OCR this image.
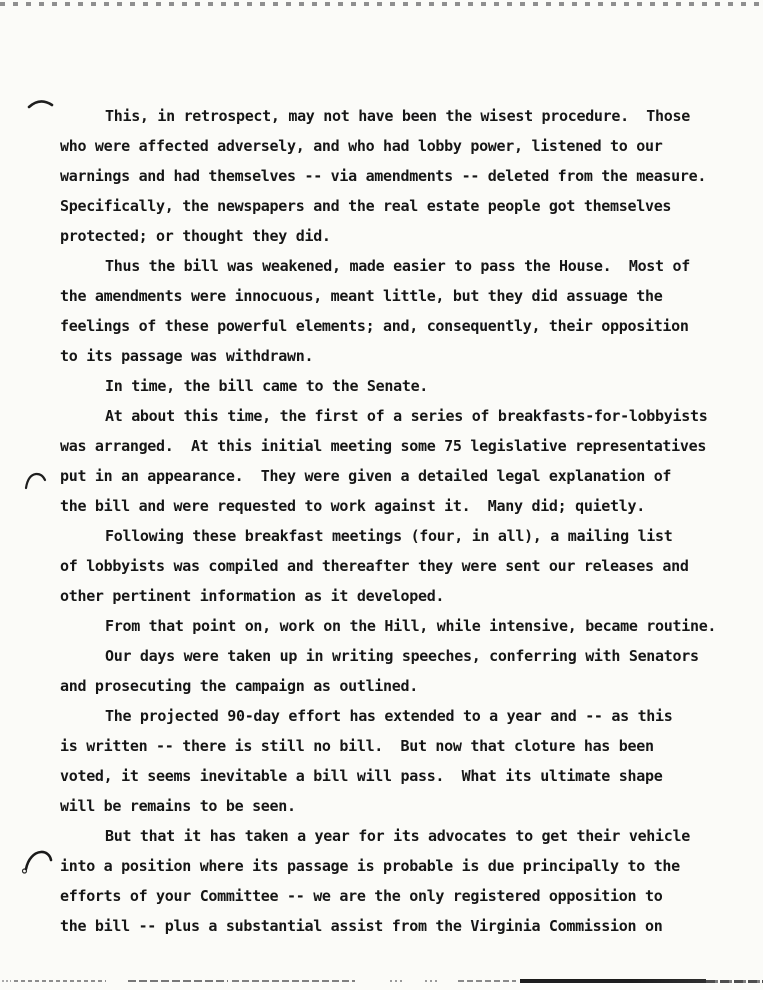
This, in retrospect, may not have been the wisest procedure.  Those
who were affected adversely, and who had lobby power, listened to our
warnings and had themselves -- via amendments -- deleted from the measure.
Specifically, the newspapers and the real estate people got themselves
protected; or thought they did.
Thus the bill was weakened, made easier to pass the House.  Most of
the amendments were innocuous, meant little, but they did assuage the
feelings of these powerful elements; and, consequently, their opposition
to its passage was withdrawn.
In time, the bill came to the Senate.
At about this time, the first of a series of breakfasts-for-lobbyists
was arranged.  At this initial meeting some 75 legislative representatives
put in an appearance.  They were given a detailed legal explanation of
the bill and were requested to work against it.  Many did; quietly.
Following these breakfast meetings (four, in all), a mailing list
of lobbyists was compiled and thereafter they were sent our releases and
other pertinent information as it developed.
From that point on, work on the Hill, while intensive, became routine.
Our days were taken up in writing speeches, conferring with Senators
and prosecuting the campaign as outlined.
The projected 90-day effort has extended to a year and -- as this
is written -- there is still no bill.  But now that cloture has been
voted, it seems inevitable a bill will pass.  What its ultimate shape
will be remains to be seen.
But that it has taken a year for its advocates to get their vehicle
into a position where its passage is probable is due principally to the
efforts of your Committee -- we are the only registered opposition to
the bill -- plus a substantial assist from the Virginia Commission on
